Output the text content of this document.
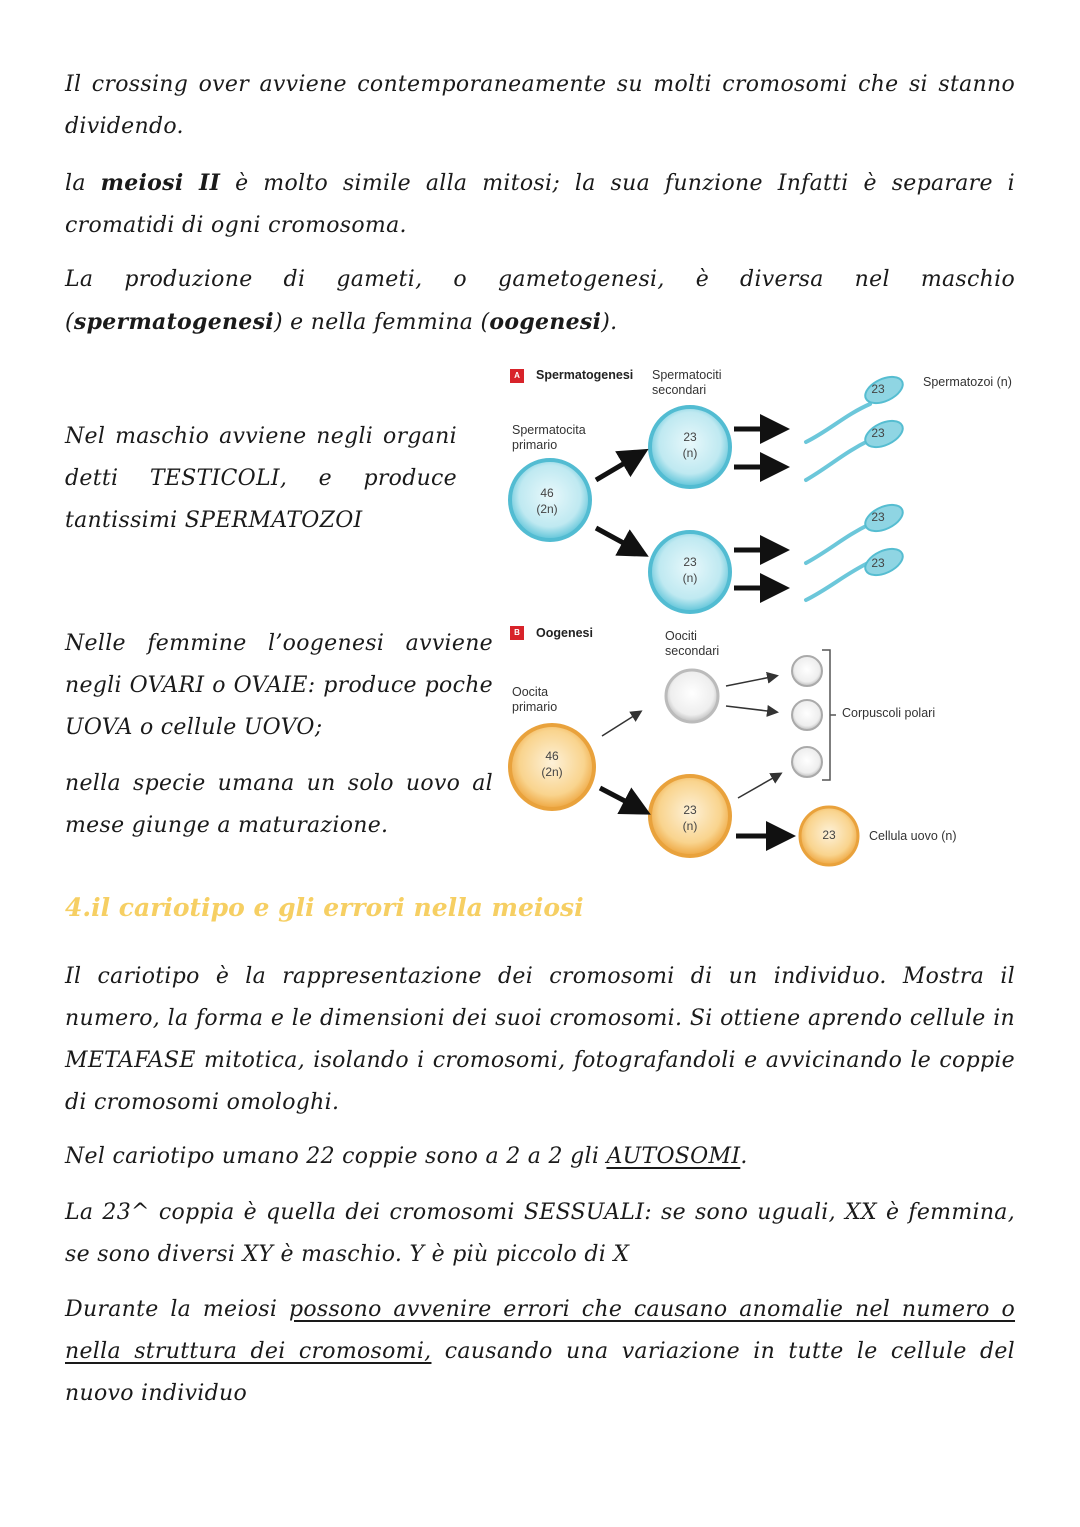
Il crossing over avviene contemporaneamente su molti cromosomi che si stanno dividendo.

la meiosi II è molto simile alla mitosi; la sua funzione Infatti è separare i cromatidi di ogni cromosoma.

La produzione di gameti, o gametogenesi, è diversa nel maschio (spermatogenesi) e nella femmina (oogenesi).

Nel maschio avviene negli organi detti TESTICOLI, e produce tantissimi SPERMATOZOI

Nelle femmine l’oogenesi avviene negli OVARI o OVAIE: produce poche UOVA o cellule UOVO;

nella specie umana un solo uovo al mese giunge a maturazione.

A	Spermatogenesi Spermatociti secondari
Spermatocita primario
Spermatozoi (n)
46
(2n)
23
(n)
23
(n)
23
23
23
23
B	Oogenesi	Oociti secondari
Oocita primario	Corpuscoli polari
Cellula uovo (n)
46
(2n)
23
(n)
23
4.il cariotipo e gli errori nella meiosi

Il cariotipo è la rappresentazione dei cromosomi di un individuo. Mostra il numero, la forma e le dimensioni dei suoi cromosomi. Si ottiene aprendo cellule in METAFASE mitotica, isolando i cromosomi, fotografandoli e avvicinando le coppie di cromosomi omologhi.

Nel cariotipo umano 22 coppie sono a 2 a 2 gli AUTOSOMI.

La 23^ coppia è quella dei cromosomi SESSUALI: se sono uguali, XX è femmina, se sono diversi XY è maschio. Y è più piccolo di X

Durante la meiosi possono avvenire errori che causano anomalie nel numero o nella struttura dei cromosomi, causando una variazione in tutte le cellule del nuovo individuo
